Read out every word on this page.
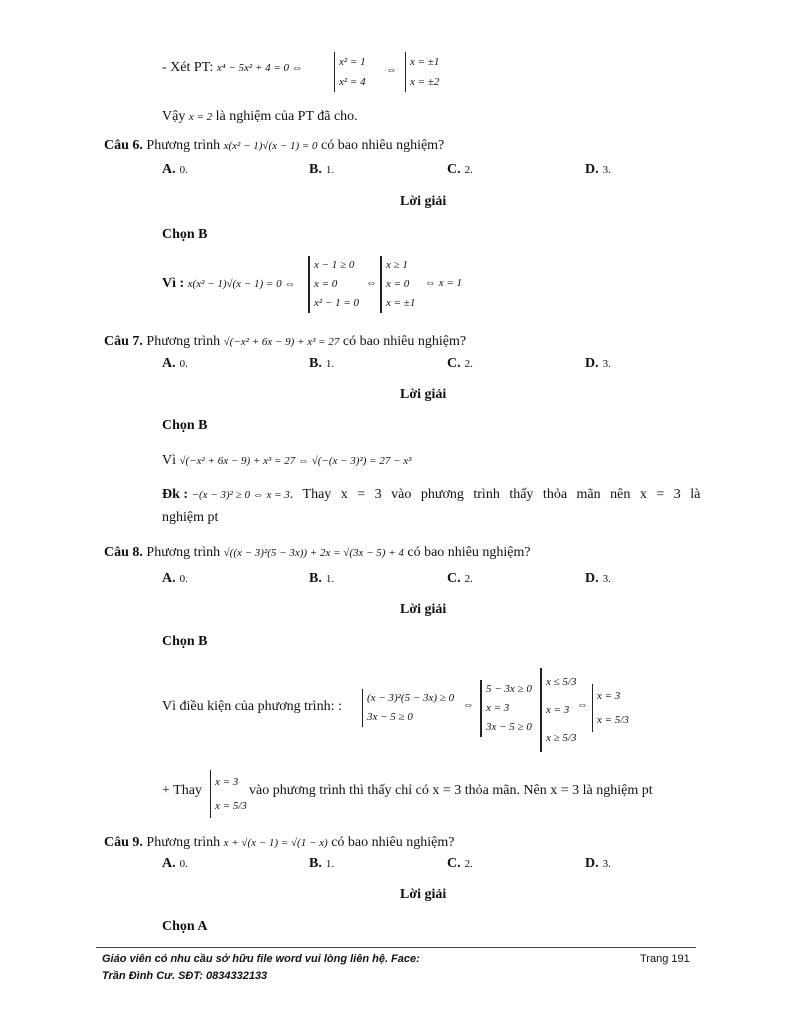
- Xét PT: x⁴ − 5x² + 4 = 0 ⇔	x² = 1
x² = 4
⇔
x = ±1
x = ±2
Vậy x = 2 là nghiệm của PT đã cho.
Câu 6. Phương trình x(x² − 1)√(x − 1) = 0 có bao nhiêu nghiệm?
A. 0.	B. 1.	C. 2.	D. 3.
Lời giải
Chọn B
Vì : x(x² − 1)√(x − 1) = 0 ⇔
x − 1 ≥ 0
x = 0
x² − 1 = 0
⇔
x ≥ 1
x = 0
x = ±1
⇔ x = 1
Câu 7. Phương trình √(−x² + 6x − 9) + x³ = 27 có bao nhiêu nghiệm?
A. 0.	B. 1.	C. 2.	D. 3.
Lời giải
Chọn B
Vì √(−x² + 6x − 9) + x³ = 27 ⇔ √(−(x − 3)²) = 27 − x³
Đk : −(x − 3)² ≥ 0 ⇔ x = 3. Thay x = 3 vào phương trình thấy thỏa mãn nên x = 3 là
nghiệm pt
Câu 8. Phương trình √((x − 3)²(5 − 3x)) + 2x = √(3x − 5) + 4 có bao nhiêu nghiệm?
A. 0.	B. 1.	C. 2.	D. 3.
Lời giải
Chọn B
Vì điều kiện của phương trình: :
(x − 3)²(5 − 3x) ≥ 0
3x − 5 ≥ 0
⇔
5 − 3x ≥ 0
x = 3
3x − 5 ≥ 0
x ≤ 5/3
x = 3
x ≥ 5/3
⇔
x = 3
x = 5/3
+ Thay
x = 3
x = 5/3
vào phương trình thì thấy chỉ có x = 3 thỏa mãn. Nên x = 3 là nghiệm pt
Câu 9. Phương trình x + √(x − 1) = √(1 − x) có bao nhiêu nghiệm?
A. 0.	B. 1.	C. 2.	D. 3.
Lời giải
Chọn A
Giáo viên có nhu cầu sở hữu file word vui lòng liên hệ. Face:
Trần Đình Cư. SĐT: 0834332133
Trang 191
